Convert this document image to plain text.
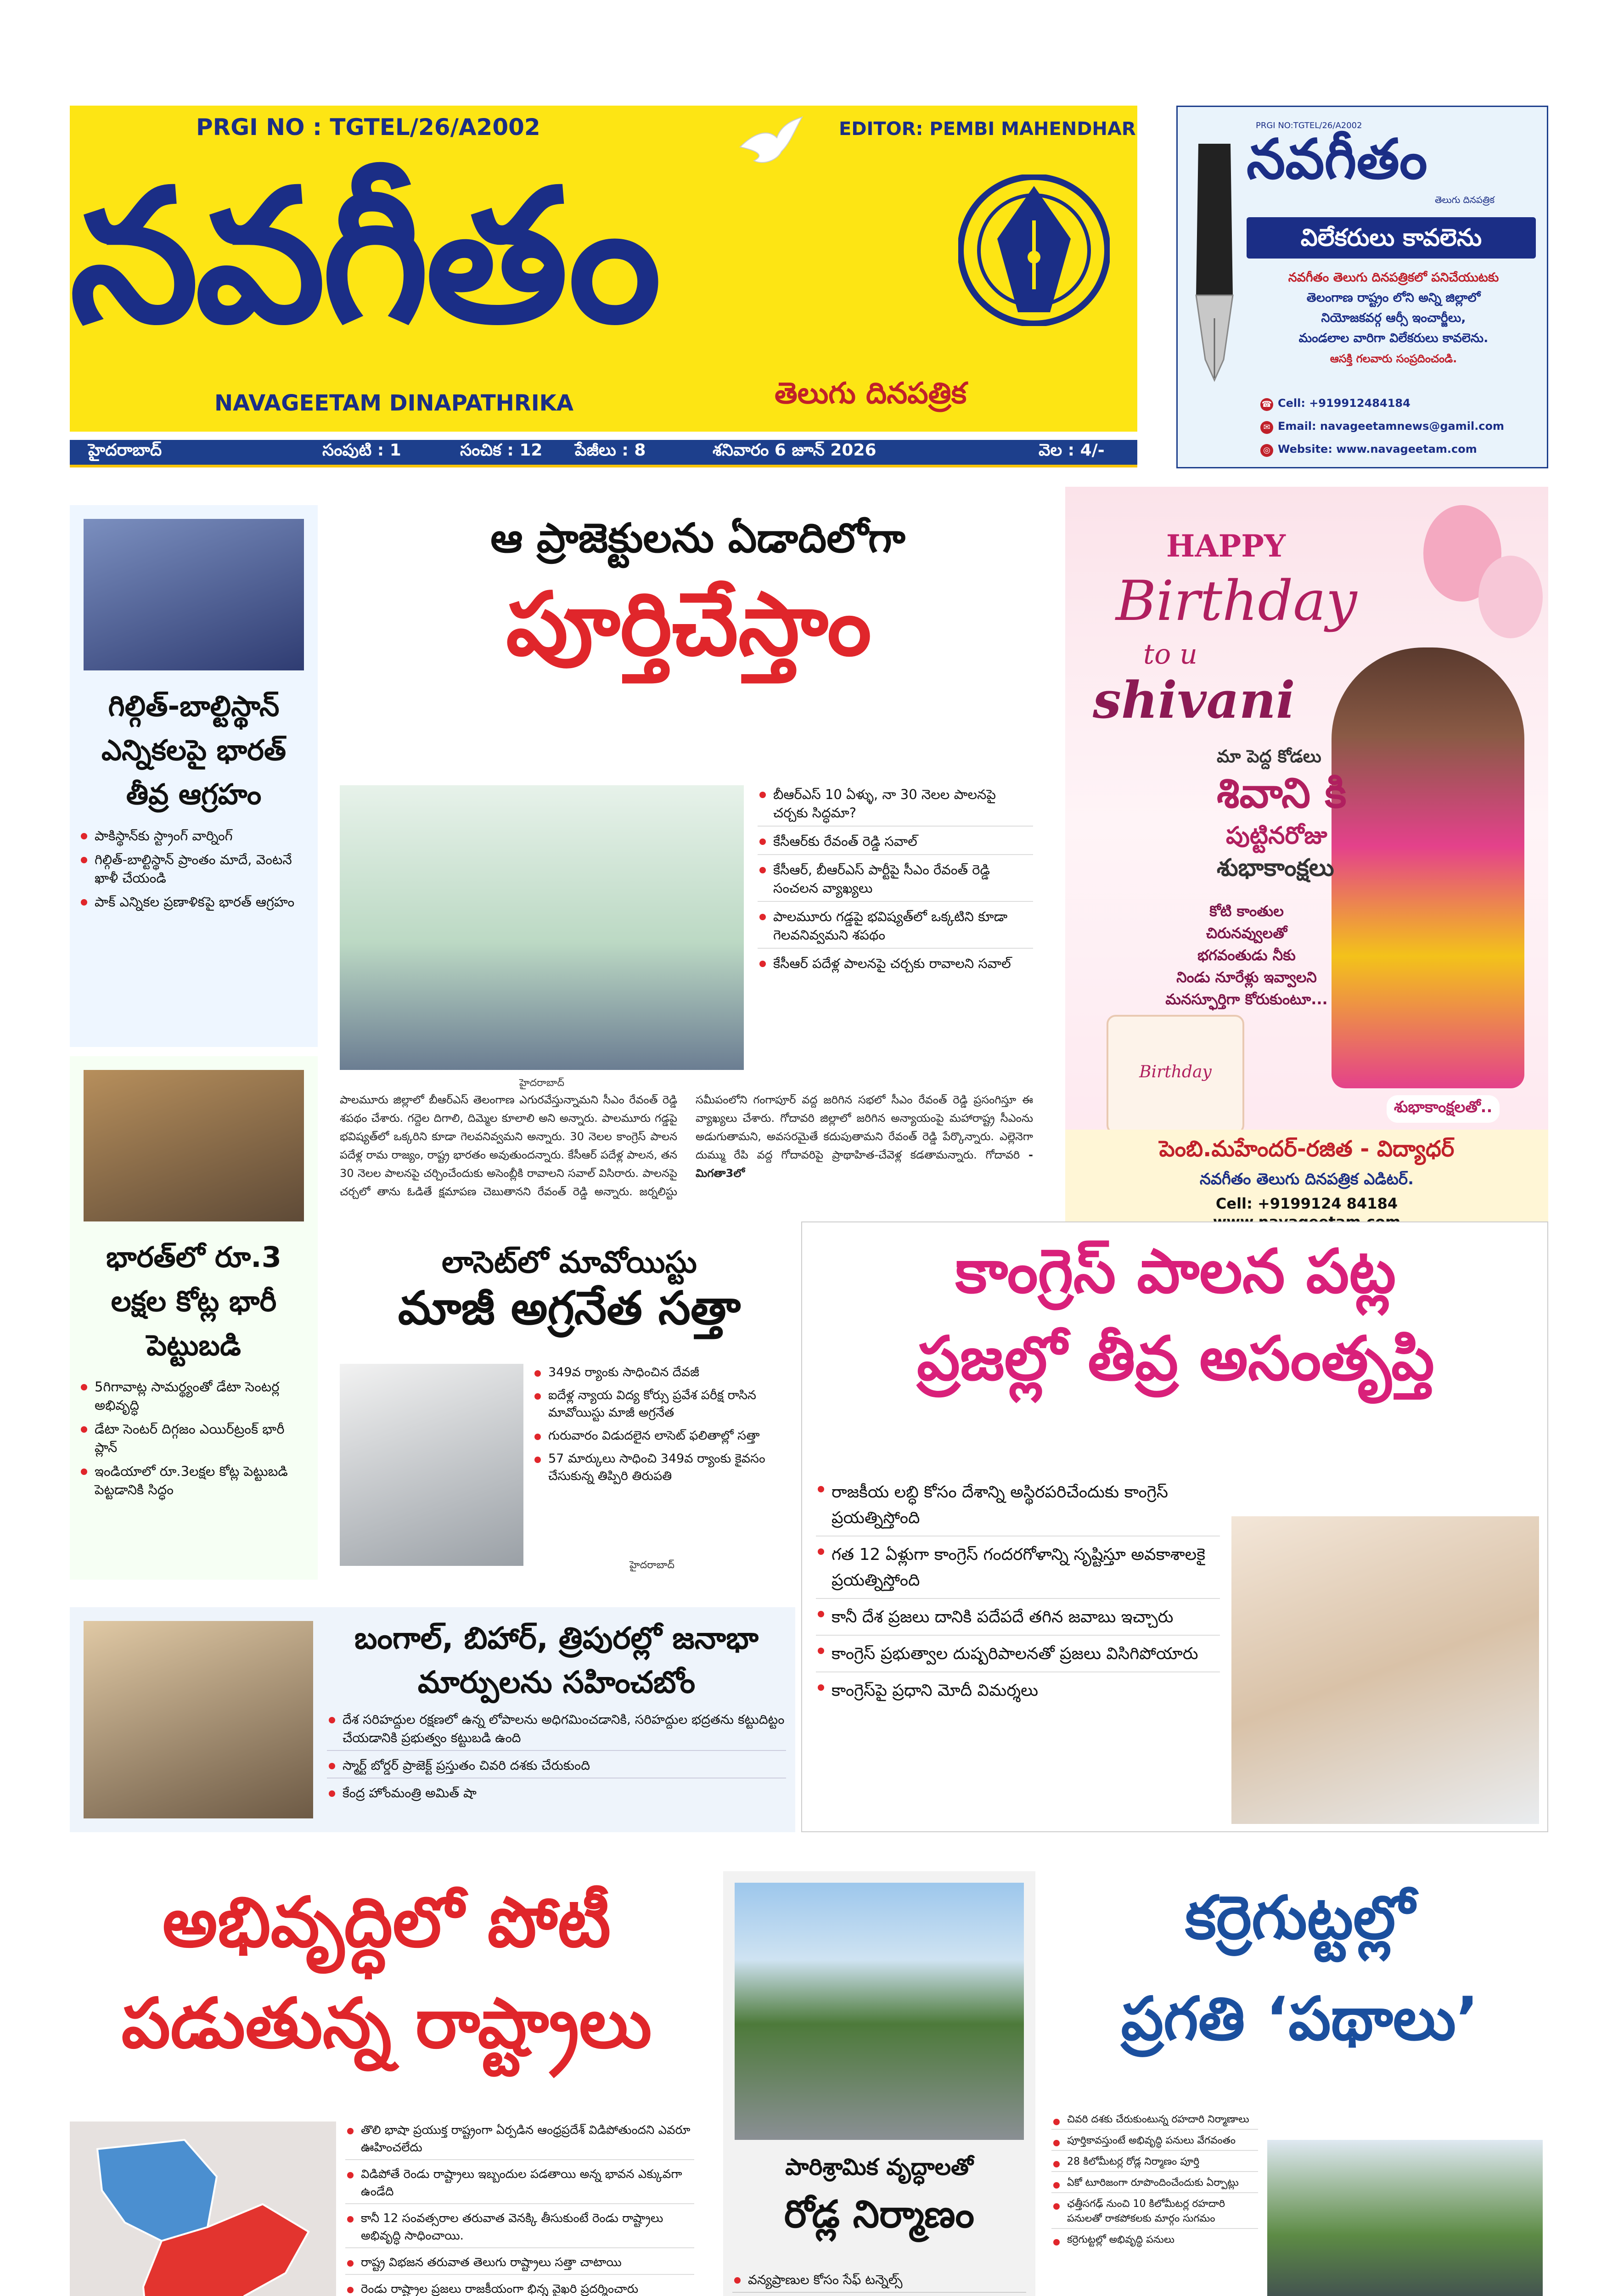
PRGI NO : TGTEL/26/A2002	EDITOR: PEMBI MAHENDHAR
నవగీతం
NAVAGEETAM DINAPATHRIKA	తెలుగు దినపత్రిక
హైదరాబాద్	సంపుటి : 1	సంచిక : 12 పేజీలు : 8	శనివారం 6 జూన్ 2026	వెల : 4/-
PRGI NO:TGTEL/26/A2002
నవగీతం
తెలుగు దినపత్రిక
విలేకరులు కావలెను
నవగీతం తెలుగు దినపత్రికలో పనిచేయుటకు
తెలంగాణ రాష్ట్రం లోని అన్ని జిల్లాలో
నియోజకవర్గ ఆర్సీ ఇంచార్జీలు,
మండలాల వారిగా విలేకరులు కావలెను.
ఆసక్తి గలవారు సంప్రదించండి.
☎ Cell: +919912484184
✉ Email: navageetamnews@gamil.com
◎ Website: www.navageetam.com
గిల్గిత్-బాల్టిస్థాన్ ఎన్నికలపై భారత్ తీవ్ర ఆగ్రహం
పాకిస్థాన్‌కు స్ట్రాంగ్ వార్నింగ్
గిల్గిత్-బాల్టిస్థాన్ ప్రాంతం మాదే, వెంటనే ఖాళీ చేయండి
పాక్ ఎన్నికల ప్రణాళికపై భారత్ ఆగ్రహం
ఆ ప్రాజెక్టులను ఏడాదిలోగా
పూర్తిచేస్తాం
బీఆర్ఎస్ 10 ఏళ్ళు, నా 30 నెలల పాలనపై చర్చకు సిద్ధమా?
కేసీఆర్‌కు రేవంత్ రెడ్డి సవాల్
కేసీఆర్, బీఆర్ఎస్ పార్టీపై సీఎం రేవంత్ రెడ్డి సంచలన వ్యాఖ్యలు
పాలమూరు గడ్డపై భవిష్యత్‌లో ఒక్కటిని కూడా గెలవనివ్వమని శపథం
కేసీఆర్ పదేళ్ల పాలనపై చర్చకు రావాలని సవాల్
హైదరాబాద్
పాలమూరు జిల్లాలో బీఆర్ఎస్ తెలంగాణ ఎగురవేస్తున్నామని సీఎం రేవంత్ రెడ్డి శపథం చేశారు. గద్దెల దిగాలి, దిమ్మెల కూలాలి అని అన్నారు. పాలమూరు గడ్డపై భవిష్యత్‌లో ఒక్కరిని కూడా గెలవనివ్వమని అన్నారు. 30 నెలల కాంగ్రెస్ పాలన పదేళ్ల రామ రాజ్యం, రాష్ట్ర భారతం అవుతుందన్నారు. కేసీఆర్ పదేళ్ల పాలన, తన 30 నెలల పాలనపై చర్చించేందుకు అసెంబ్లీకి రావాలని సవాల్ విసిరారు. పాలనపై చర్చలో తాను ఓడితే క్షమాపణ చెబుతానని రేవంత్ రెడ్డి అన్నారు. జర్నలిస్టు సమీపంలోని గంగాపూర్ వద్ద జరిగిన సభలో సీఎం రేవంత్ రెడ్డి ప్రసంగిస్తూ ఈ వ్యాఖ్యలు చేశారు. గోదావరి జిల్లాలో జరిగిన అన్యాయంపై మహారాష్ట్ర సీఎంను అడుగుతామని, అవసరమైతే కదుపుతామని రేవంత్ రెడ్డి పేర్కొన్నారు. ఎల్లెనెగా దుమ్ము రేపి వద్ద గోదావరిపై ప్రాథాహిత-చేవెళ్ల కడతామన్నారు. గోదావరి - మిగతా3లో
HAPPY
Birthday
to u
shivani
మా పెద్ద కోడలు
శివాని కి
పుట్టినరోజు
శుభాకాంక్షలు
కోటి కాంతుల
చిరునవ్వులతో
భగవంతుడు నీకు
నిండు నూరేళ్లు ఇవ్వాలని
మనస్ఫూర్తిగా కోరుకుంటూ...
Birthday
శుభాకాంక్షలతో..
పెంబి.మహేందర్-రజిత - విద్యాధర్
నవగీతం తెలుగు దినపత్రిక ఎడిటర్.
Cell: +9199124 84184
భారత్‌లో రూ.3 లక్షల కోట్ల భారీ పెట్టుబడి
5గిగావాట్ల సామర్థ్యంతో డేటా సెంటర్ల అభివృద్ధి
డేటా సెంటర్ దిగ్గజం ఎయిర్‌ట్రంక్ భారీ ప్లాన్
ఇండియాలో రూ.3లక్షల కోట్ల పెట్టుబడి పెట్టడానికి సిద్ధం
లాసెట్‌లో మావోయిస్టు
మాజీ అగ్రనేత సత్తా
హైదరాబాద్
349వ ర్యాంకు సాధించిన దేవజీ
ఐదేళ్ల న్యాయ విద్య కోర్సు ప్రవేశ పరీక్ష రాసిన మావోయిస్టు మాజీ అగ్రనేత
గురువారం విడుదలైన లాసెట్ ఫలితాల్లో సత్తా
57 మార్కులు సాధించి 349వ ర్యాంకు కైవసం చేసుకున్న తిప్పిరి తిరుపతి
కాంగ్రెస్ పాలన పట్ల
ప్రజల్లో తీవ్ర అసంతృప్తి
రాజకీయ లబ్ధి కోసం దేశాన్ని అస్థిరపరిచేందుకు కాంగ్రెస్ ప్రయత్నిస్తోంది
గత 12 ఏళ్లుగా కాంగ్రెస్ గందరగోళాన్ని సృష్టిస్తూ అవకాశాలకై ప్రయత్నిస్తోంది
కానీ దేశ ప్రజలు దానికి పదేపదే తగిన జవాబు ఇచ్చారు
కాంగ్రెస్ ప్రభుత్వాల దుష్పరిపాలనతో ప్రజలు విసిగిపోయారు
కాంగ్రెస్‌పై ప్రధాని మోదీ విమర్శలు
బంగాల్, బిహార్, త్రిపురల్లో జనాభా మార్పులను సహించబోం
దేశ సరిహద్దుల రక్షణలో ఉన్న లోపాలను అధిగమించడానికి, సరిహద్దుల భద్రతను కట్టుదిట్టం చేయడానికి ప్రభుత్వం కట్టుబడి ఉంది
స్మార్ట్ బోర్డర్ ప్రాజెక్ట్ ప్రస్తుతం చివరి దశకు చేరుకుంది
కేంద్ర హోంమంత్రి అమిత్ షా
అభివృద్ధిలో పోటీ
పడుతున్న రాష్ట్రాలు
తొలి భాషా ప్రయుక్త రాష్ట్రంగా ఏర్పడిన ఆంధ్రప్రదేశ్ విడిపోతుందని ఎవరూ ఊహించలేదు
విడిపోతే రెండు రాష్ట్రాలు ఇబ్బందుల పడతాయి అన్న భావన ఎక్కువగా ఉండేది
కానీ 12 సంవత్సరాల తరువాత వెనక్కి తీసుకుంటే రెండు రాష్ట్రాలు అభివృద్ధి సాధించాయి.
రాష్ట్ర విభజన తరువాత తెలుగు రాష్ట్రాలు సత్తా చాటాయి
రెండు రాష్ట్రాల ప్రజలు రాజకీయంగా భిన్న వైఖరి ప్రదర్శించారు
పారిశ్రామిక వృద్ధాలతో
రోడ్ల నిర్మాణం
వన్యప్రాణుల కోసం సేఫ్ టన్నెల్స్
కర్రెగుట్టల్లో
ప్రగతి ‘పథాలు’
చివరి దశకు చేరుకుంటున్న రహదారి నిర్మాణాలు
పూర్తికావస్తుంటే అభివృద్ధి పనులు వేగవంతం
28 కిలోమీటర్ల రోడ్ల నిర్మాణం పూర్తి
ఏకో టూరిజంగా రూపొందించేందుకు ఏర్పాట్లు
ఛత్తీసగఢ్ నుంచి 10 కిలోమీటర్ల రహదారి పనులతో రాకపోకలకు మార్గం సుగమం
కర్రెగుట్టల్లో అభివృద్ధి పనులు
